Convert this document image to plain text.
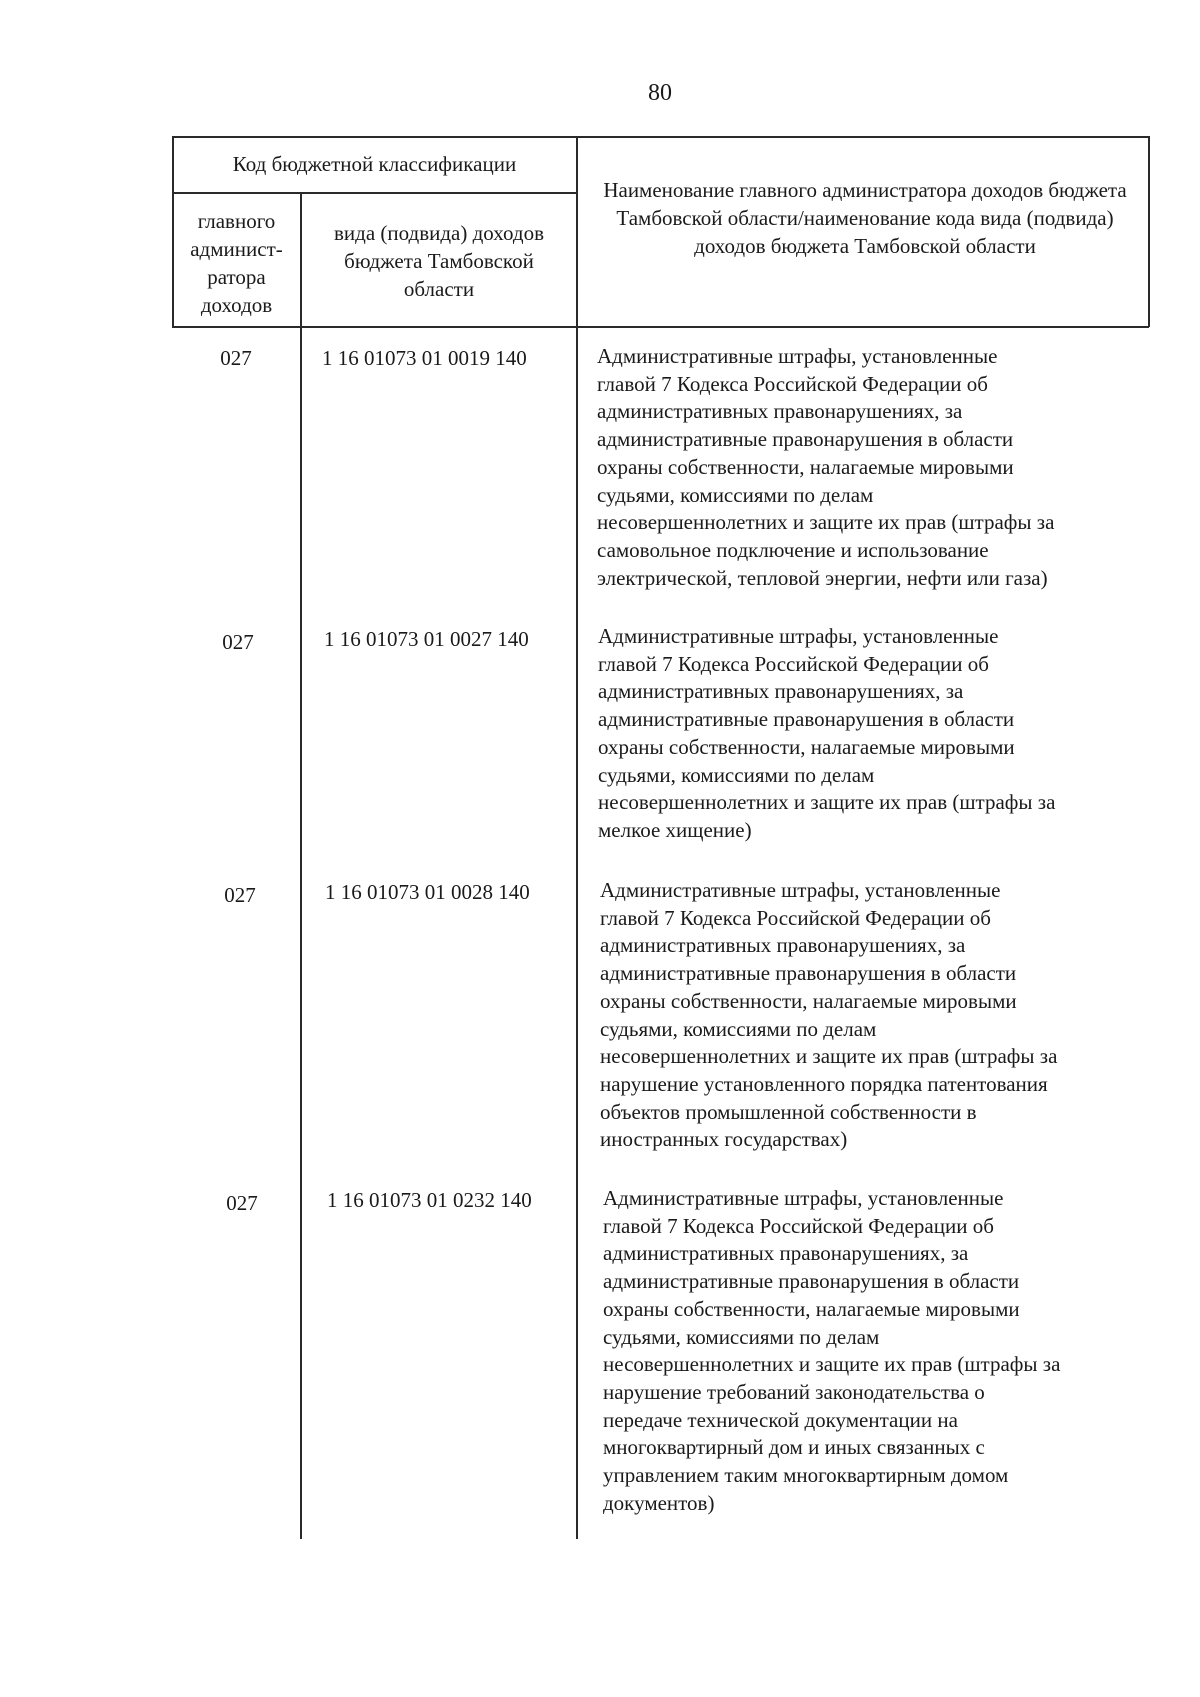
80
Код бюджетной классификации
главного админист-
ратора
доходов
вида (подвида) доходов бюджета Тамбовской области
Наименование главного администратора доходов бюджета Тамбовской области/наименование кода вида (подвида) доходов бюджета Тамбовской области
027	1 16 01073 01 0019 140	Административные штрафы, установленные
главой 7 Кодекса Российской Федерации об
административных правонарушениях, за
административные правонарушения в области
охраны собственности, налагаемые мировыми
судьями, комиссиями по делам
несовершеннолетних и защите их прав (штрафы за
самовольное подключение и использование
электрической, тепловой энергии, нефти или газа)
027	1 16 01073 01 0027 140	Административные штрафы, установленные
главой 7 Кодекса Российской Федерации об
административных правонарушениях, за
административные правонарушения в области
охраны собственности, налагаемые мировыми
судьями, комиссиями по делам
несовершеннолетних и защите их прав (штрафы за
мелкое хищение)
027	1 16 01073 01 0028 140	Административные штрафы, установленные
главой 7 Кодекса Российской Федерации об
административных правонарушениях, за
административные правонарушения в области
охраны собственности, налагаемые мировыми
судьями, комиссиями по делам
несовершеннолетних и защите их прав (штрафы за
нарушение установленного порядка патентования
объектов промышленной собственности в
иностранных государствах)
027	1 16 01073 01 0232 140	Административные штрафы, установленные
главой 7 Кодекса Российской Федерации об
административных правонарушениях, за
административные правонарушения в области
охраны собственности, налагаемые мировыми
судьями, комиссиями по делам
несовершеннолетних и защите их прав (штрафы за
нарушение требований законодательства о
передаче технической документации на
многоквартирный дом и иных связанных с
управлением таким многоквартирным домом
документов)
